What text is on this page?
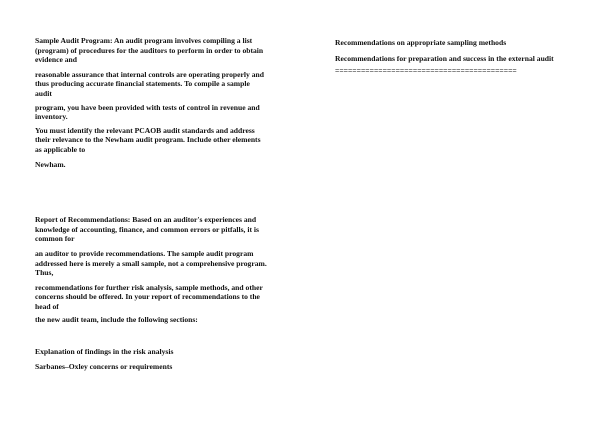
Sample Audit Program: An audit program involves compiling a list (program) of procedures for the auditors to perform in order to obtain evidence and

reasonable assurance that internal controls are operating properly and thus producing accurate financial statements. To compile a sample audit

program, you have been provided with tests of control in revenue and inventory.

You must identify the relevant PCAOB audit standards and address their relevance to the Newham audit program. Include other elements as applicable to

Newham.

Report of Recommendations: Based on an auditor's experiences and knowledge of accounting, finance, and common errors or pitfalls, it is common for

an auditor to provide recommendations. The sample audit program addressed here is merely a small sample, not a comprehensive program. Thus,

recommendations for further risk analysis, sample methods, and other concerns should be offered. In your report of recommendations to the head of

the new audit team, include the following sections:

Explanation of findings in the risk analysis

Sarbanes–Oxley concerns or requirements

Recommendations on appropriate sampling methods

Recommendations for preparation and success in the external audit

==========================================
